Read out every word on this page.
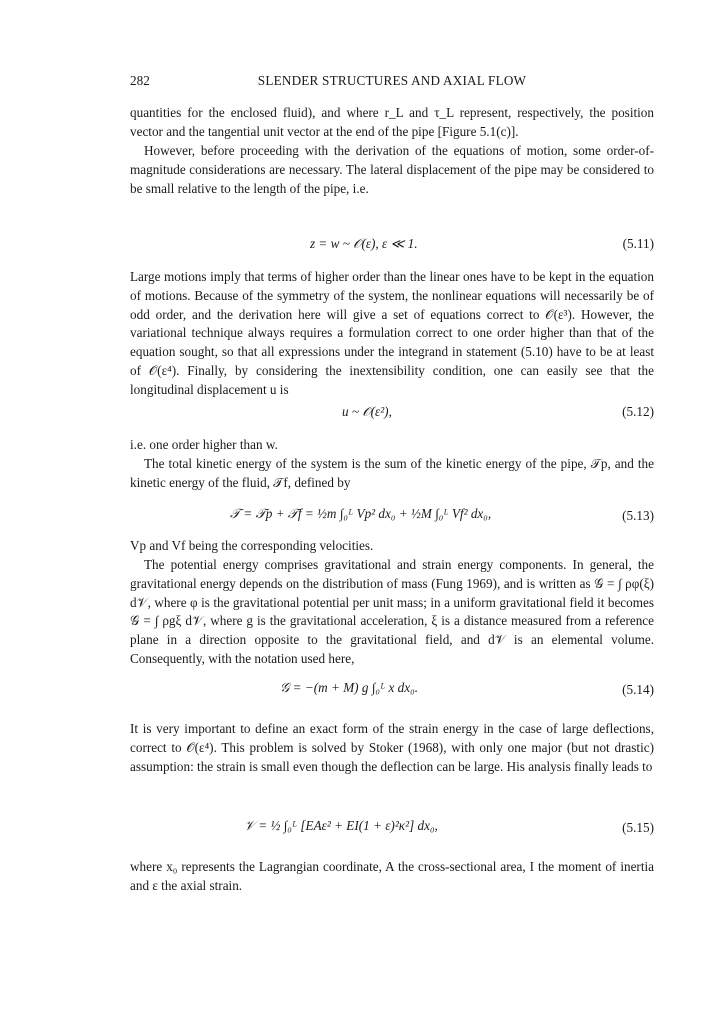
282	SLENDER STRUCTURES AND AXIAL FLOW

quantities for the enclosed fluid), and where r_L and τ_L represent, respectively, the position vector and the tangential unit vector at the end of the pipe [Figure 5.1(c)].

However, before proceeding with the derivation of the equations of motion, some order-of-magnitude considerations are necessary. The lateral displacement of the pipe may be considered to be small relative to the length of the pipe, i.e.

z = w ~ 𝒪(ε), ε ≪ 1.	(5.11)

Large motions imply that terms of higher order than the linear ones have to be kept in the equation of motions. Because of the symmetry of the system, the nonlinear equations will necessarily be of odd order, and the derivation here will give a set of equations correct to 𝒪(ε³). However, the variational technique always requires a formulation correct to one order higher than that of the equation sought, so that all expressions under the integrand in statement (5.10) have to be at least of 𝒪(ε⁴). Finally, by considering the inextensibility condition, one can easily see that the longitudinal displacement u is

u ~ 𝒪(ε²),	(5.12)

i.e. one order higher than w.

The total kinetic energy of the system is the sum of the kinetic energy of the pipe, 𝒯p, and the kinetic energy of the fluid, 𝒯f, defined by

𝒯 = 𝒯p + 𝒯f = ½m ∫₀ᴸ Vp² dx₀ + ½M ∫₀ᴸ Vf² dx₀,	(5.13)

Vp and Vf being the corresponding velocities.

The potential energy comprises gravitational and strain energy components. In general, the gravitational energy depends on the distribution of mass (Fung 1969), and is written as 𝒢 = ∫ ρφ(ξ) d𝒱, where φ is the gravitational potential per unit mass; in a uniform gravitational field it becomes 𝒢 = ∫ ρgξ d𝒱, where g is the gravitational acceleration, ξ is a distance measured from a reference plane in a direction opposite to the gravitational field, and d𝒱 is an elemental volume. Consequently, with the notation used here,

𝒢 = −(m + M) g ∫₀ᴸ x dx₀.	(5.14)

It is very important to define an exact form of the strain energy in the case of large deflections, correct to 𝒪(ε⁴). This problem is solved by Stoker (1968), with only one major (but not drastic) assumption: the strain is small even though the deflection can be large. His analysis finally leads to

𝒱 = ½ ∫₀ᴸ [EAε² + EI(1 + ε)²κ²] dx₀,	(5.15)

where x₀ represents the Lagrangian coordinate, A the cross-sectional area, I the moment of inertia and ε the axial strain.
